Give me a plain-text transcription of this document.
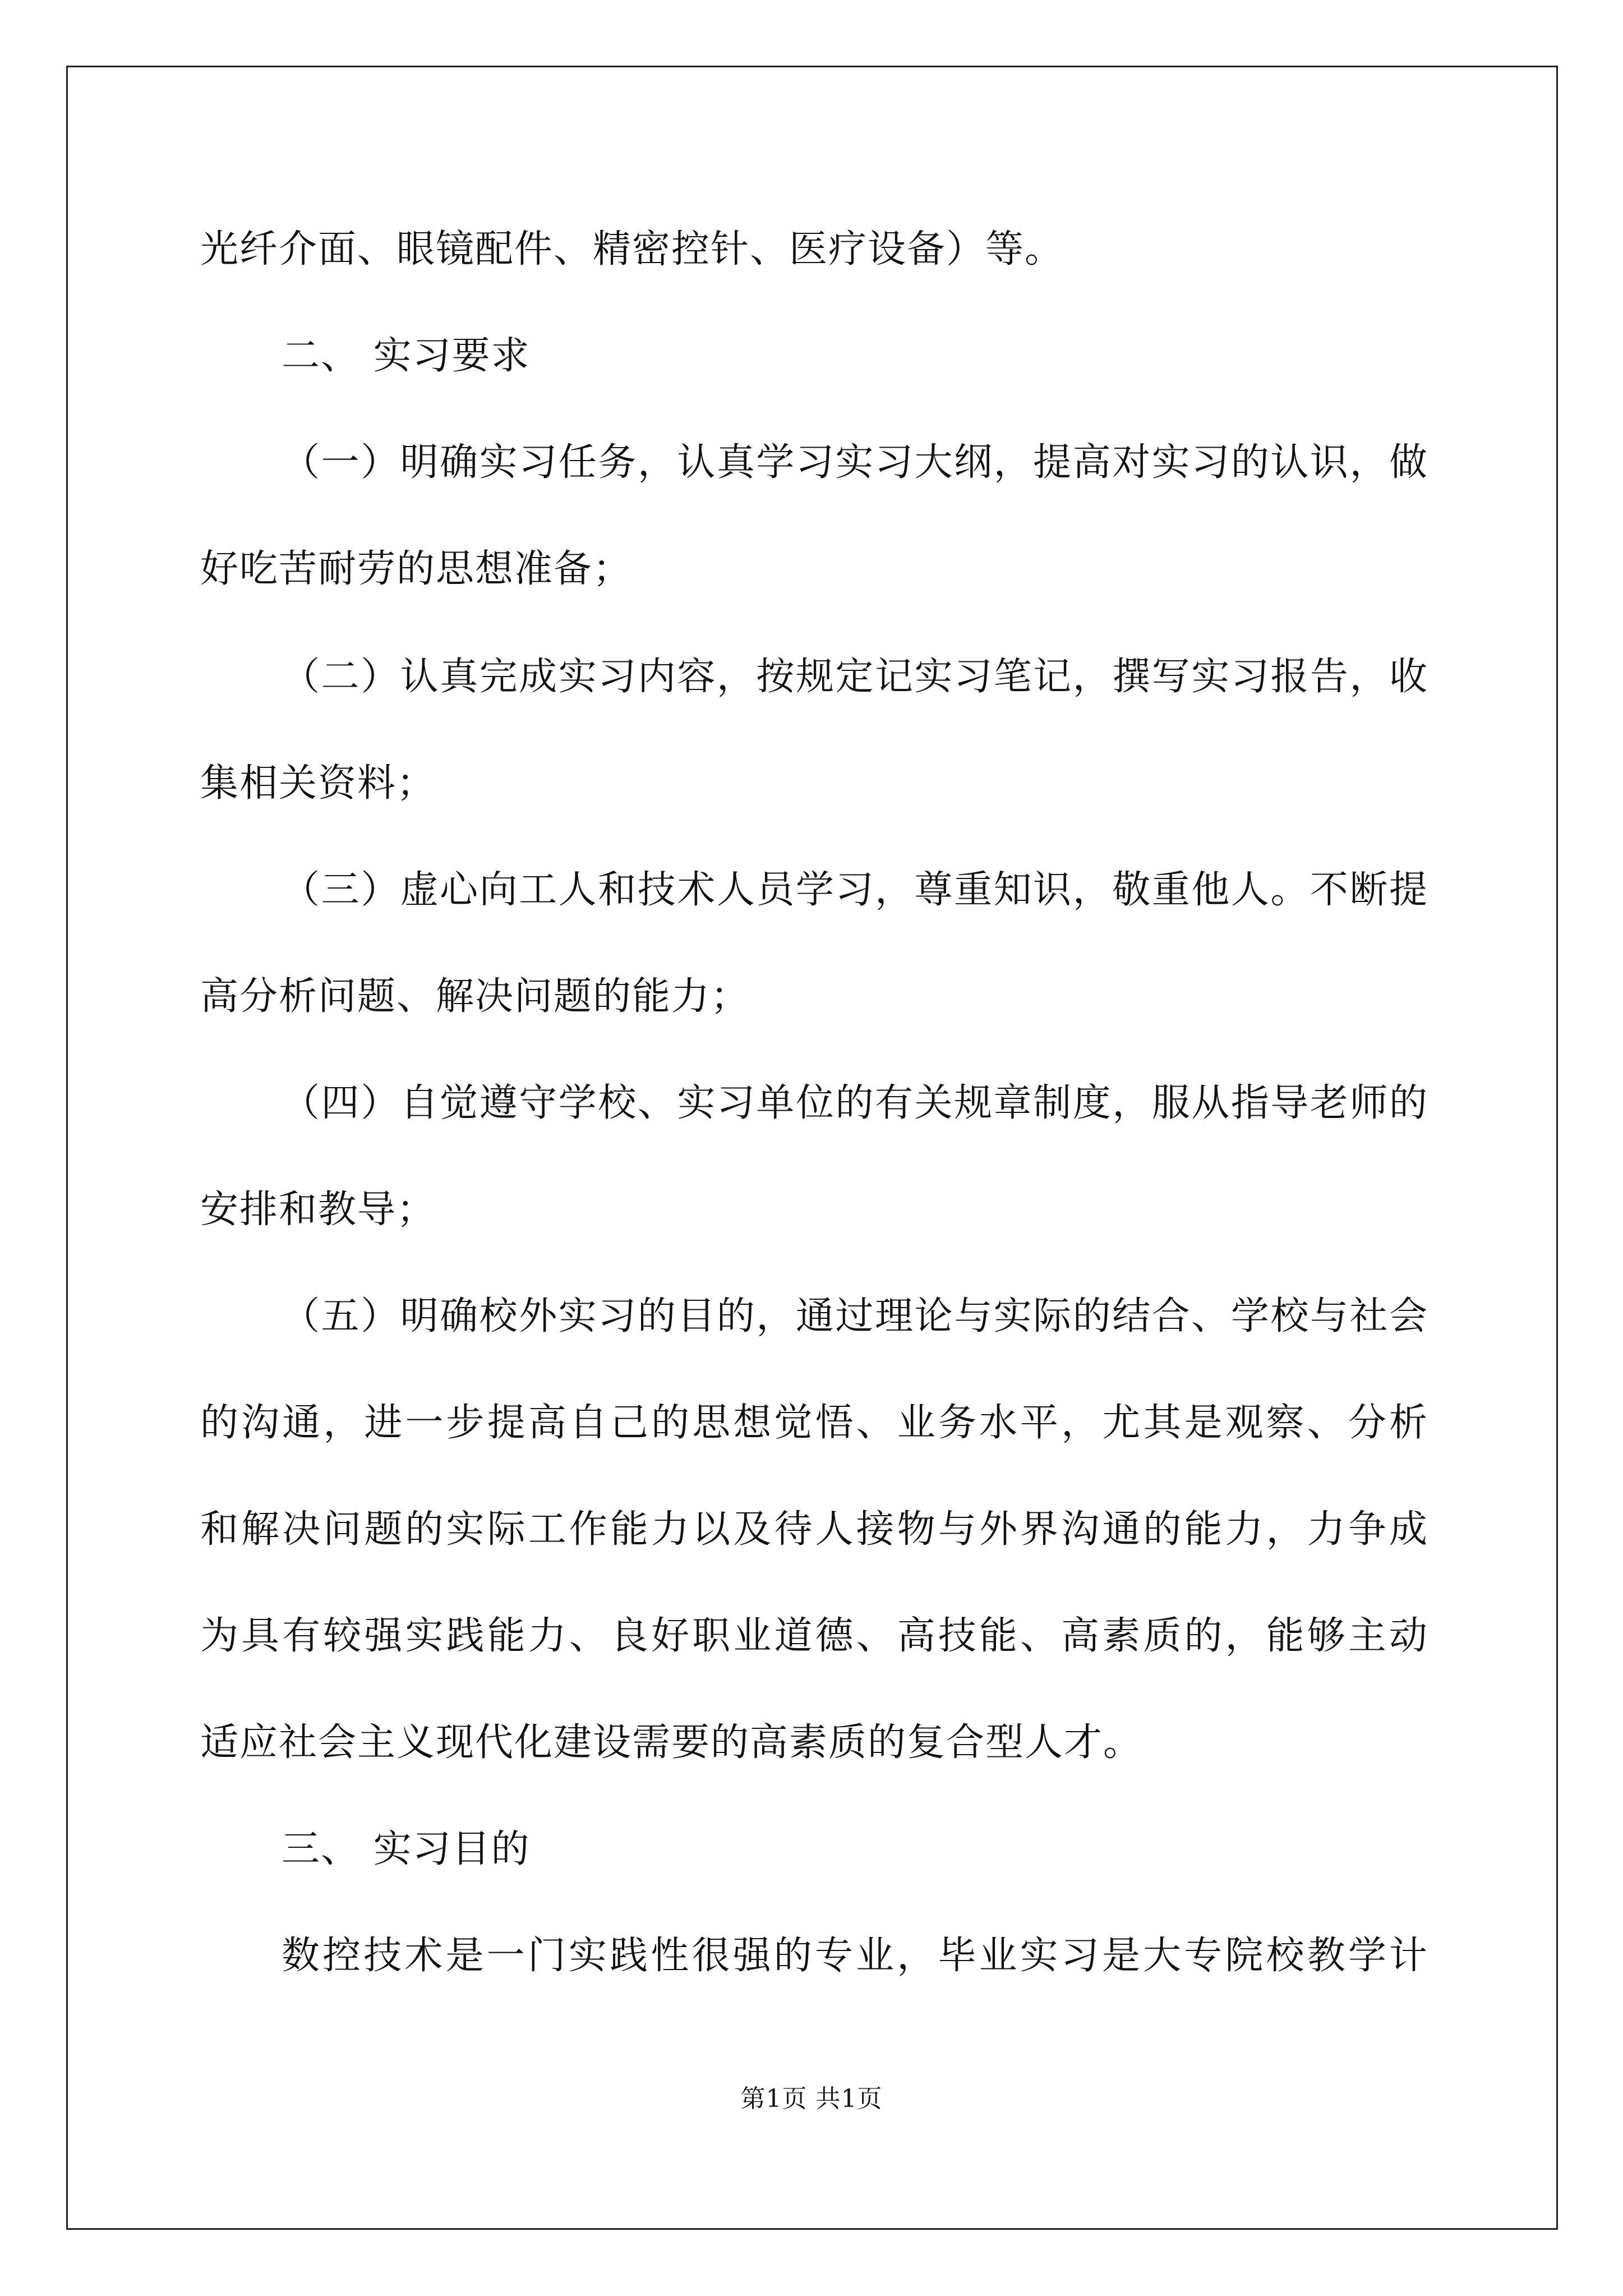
光纤介面、眼镜配件、精密控针、医疗设备）等。
二、 实习要求
（一）明确实习任务，认真学习实习大纲，提高对实习的认识，做
好吃苦耐劳的思想准备；
（二）认真完成实习内容，按规定记实习笔记，撰写实习报告，收
集相关资料；
（三）虚心向工人和技术人员学习，尊重知识，敬重他人。不断提
高分析问题、解决问题的能力；
（四）自觉遵守学校、实习单位的有关规章制度，服从指导老师的
安排和教导；
（五）明确校外实习的目的，通过理论与实际的结合、学校与社会
的沟通，进一步提高自己的思想觉悟、业务水平，尤其是观察、分析
和解决问题的实际工作能力以及待人接物与外界沟通的能力，力争成
为具有较强实践能力、良好职业道德、高技能、高素质的，能够主动
适应社会主义现代化建设需要的高素质的复合型人才。
三、 实习目的
数控技术是一门实践性很强的专业，毕业实习是大专院校教学计
第1页 共1页
